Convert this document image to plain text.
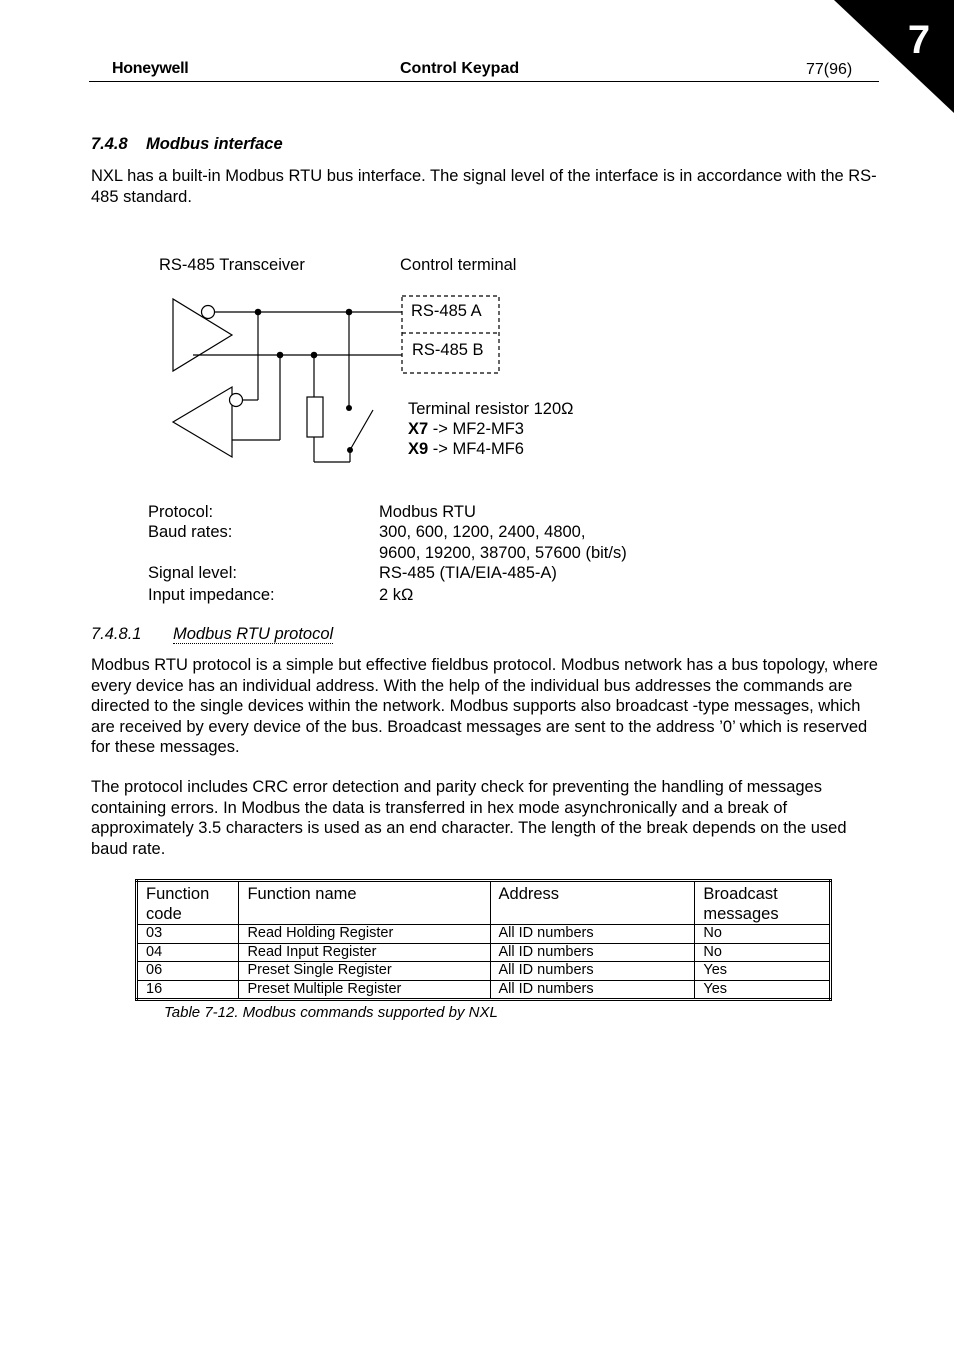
7
Honeywell	Control Keypad	77(96)
7.4.8    Modbus interface
NXL has a built-in Modbus RTU bus interface. The signal level of the interface is in accordance with the RS-485 standard.
RS-485 Transceiver	Control terminal
RS-485 A
RS-485 B
Terminal resistor 120Ω
X7 -> MF2-MF3
X9 -> MF4-MF6
Protocol:	Modbus RTU
Baud rates:	300, 600, 1200, 2400, 4800,
9600, 19200, 38700, 57600 (bit/s)
Signal level:	RS-485 (TIA/EIA-485-A)
Input impedance:	2 kΩ
7.4.8.1 Modbus RTU protocol
Modbus RTU protocol is a simple but effective fieldbus protocol. Modbus network has a bus topology, where every device has an individual address. With the help of the individual bus addresses the commands are directed to the single devices within the network. Modbus supports also broadcast -type messages, which are received by every device of the bus. Broadcast messages are sent to the address ’0’ which is reserved for these messages.
The protocol includes CRC error detection and parity check for preventing the handling of messages containing errors. In Modbus the data is transferred in hex mode asynchronically and a break of approximately 3.5 characters is used as an end character. The length of the break depends on the used baud rate.
Function code	Function name	Address	Broadcast messages
03	Read Holding Register	All ID numbers	No
04	Read Input Register	All ID numbers	No
06	Preset Single Register	All ID numbers	Yes
16	Preset Multiple Register	All ID numbers	Yes
Table 7-12. Modbus commands supported by NXL
